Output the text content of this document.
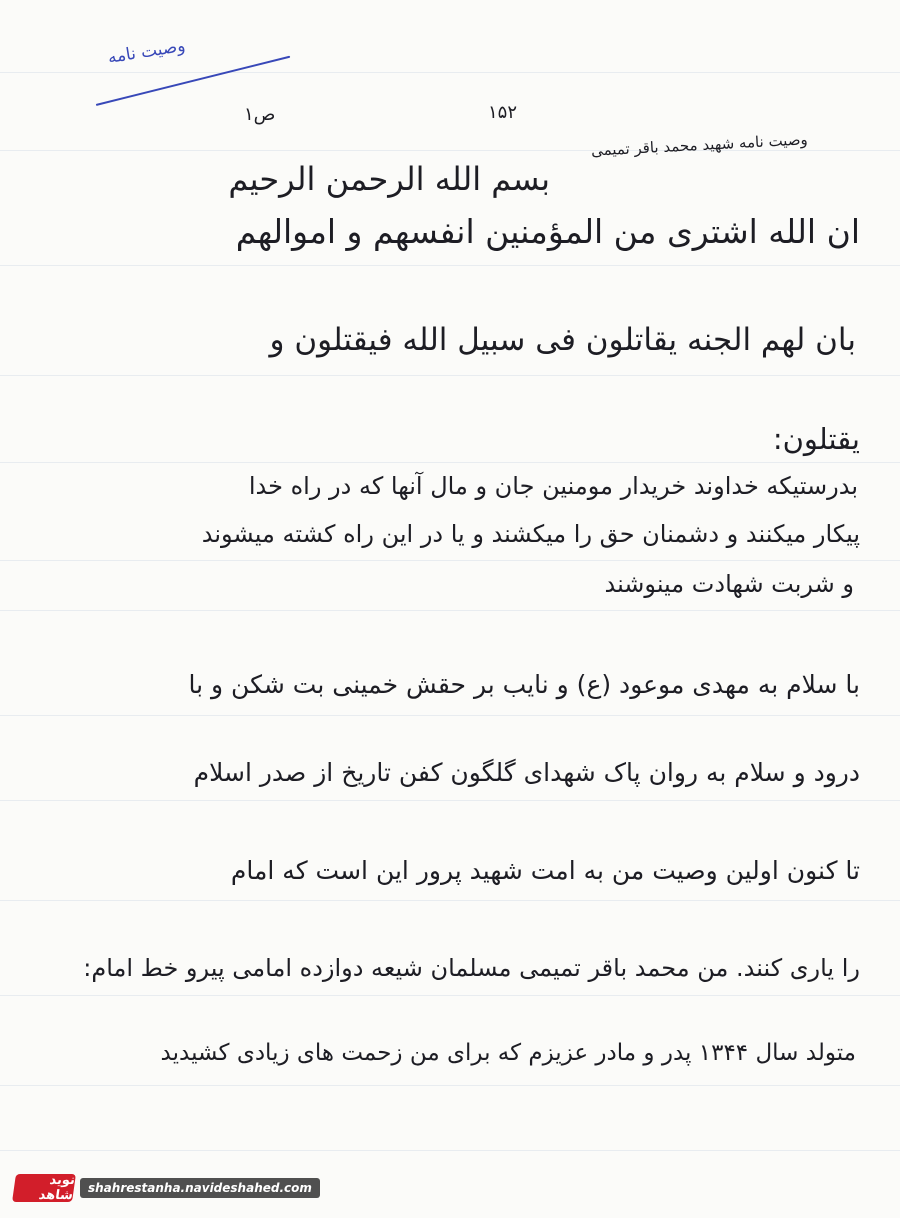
وصیت نامه
ص۱	۱۵۲
وصیت نامه شهید محمد باقر تمیمی
بسم الله الرحمن الرحیم
ان الله اشتری من المؤمنین انفسهم و اموالهم
بان لهم الجنه یقاتلون فی سبیل الله فیقتلون و
یقتلون:
بدرستیکه خداوند خریدار مومنین جان و مال آنها که در راه خدا
پیکار میکنند و دشمنان حق را میکشند و یا در این راه کشته میشوند
و شربت شهادت مینوشند
با سلام به مهدی موعود (ع) و نایب بر حقش خمینی بت شکن و با
درود و سلام به روان پاک شهدای گلگون کفن تاریخ از صدر اسلام
تا کنون اولین وصیت من به امت شهید پرور این است که امام
را یاری کنند. من محمد باقر تمیمی مسلمان شیعه دوازده امامی پیرو خط امام:
متولد سال ۱۳۴۴ پدر و مادر عزیزم که برای من زحمت های زیادی کشیدید
نوید شاهد	shahrestanha.navideshahed.com
